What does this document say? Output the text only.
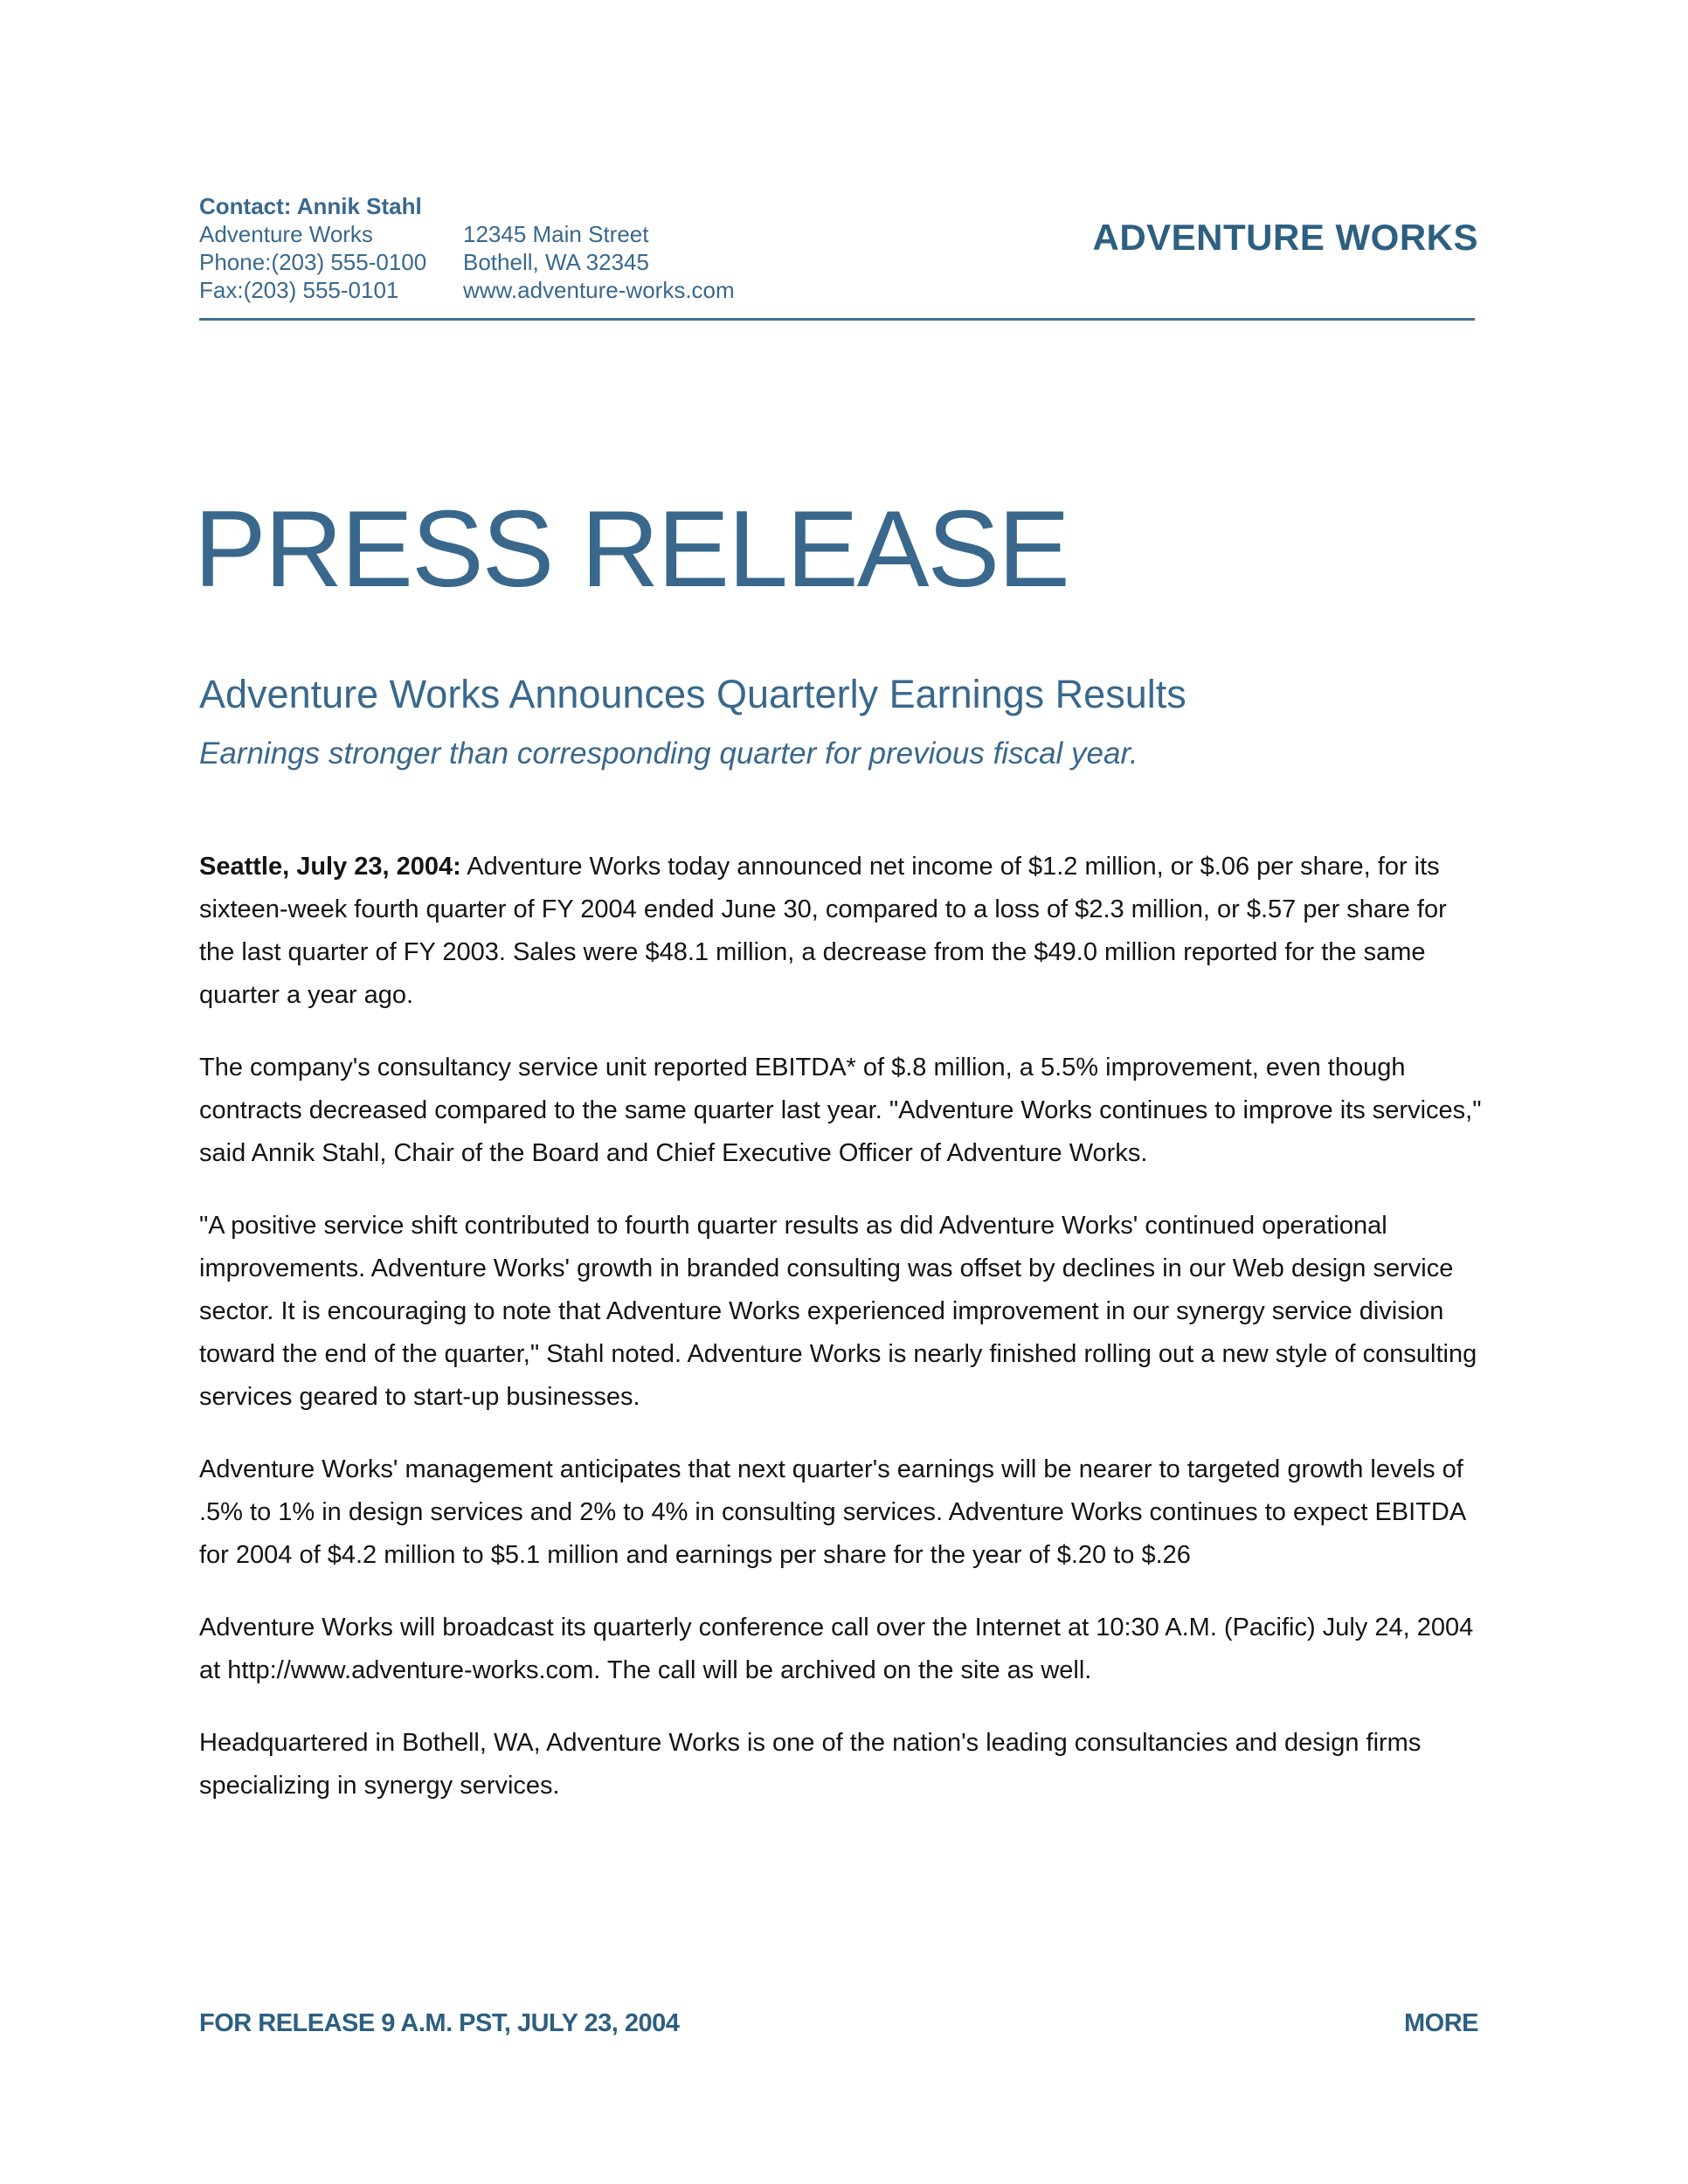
Contact: Annik Stahl
Adventure Works
Phone:(203) 555-0100
Fax:(203) 555-0101
12345 Main Street
Bothell, WA 32345
www.adventure-works.com
ADVENTURE WORKS
PRESS RELEASE
Adventure Works Announces Quarterly Earnings Results
Earnings stronger than corresponding quarter for previous fiscal year.

Seattle, July 23, 2004: Adventure Works today announced net income of $1.2 million, or $.06 per share, for its sixteen-week fourth quarter of FY 2004 ended June 30, compared to a loss of $2.3 million, or $.57 per share for the last quarter of FY 2003. Sales were $48.1 million, a decrease from the $49.0 million reported for the same quarter a year ago.

The company's consultancy service unit reported EBITDA* of $.8 million, a 5.5% improvement, even though contracts decreased compared to the same quarter last year. "Adventure Works continues to improve its services," said Annik Stahl, Chair of the Board and Chief Executive Officer of Adventure Works.

"A positive service shift contributed to fourth quarter results as did Adventure Works' continued operational improvements. Adventure Works' growth in branded consulting was offset by declines in our Web design service sector. It is encouraging to note that Adventure Works experienced improvement in our synergy service division toward the end of the quarter," Stahl noted. Adventure Works is nearly finished rolling out a new style of consulting services geared to start-up businesses.

Adventure Works' management anticipates that next quarter's earnings will be nearer to targeted growth levels of .5% to 1% in design services and 2% to 4% in consulting services. Adventure Works continues to expect EBITDA for 2004 of $4.2 million to $5.1 million and earnings per share for the year of $.20 to $.26

Adventure Works will broadcast its quarterly conference call over the Internet at 10:30 A.M. (Pacific) July 24, 2004 at http://www.adventure-works.com. The call will be archived on the site as well.

Headquartered in Bothell, WA, Adventure Works is one of the nation's leading consultancies and design firms specializing in synergy services.

FOR RELEASE 9 A.M. PST, JULY 23, 2004	MORE
